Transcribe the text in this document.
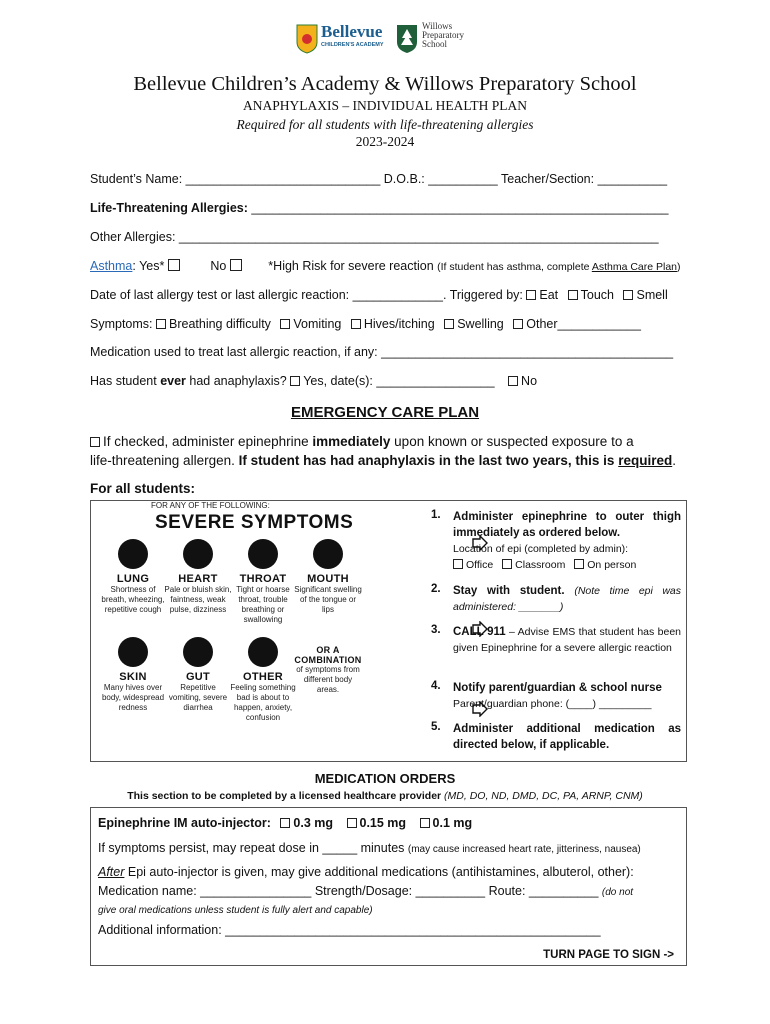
Bellevue
CHILDREN'S ACADEMY
Willows
Preparatory
School
Bellevue Children’s Academy & Willows Preparatory School
ANAPHYLAXIS – INDIVIDUAL HEALTH PLAN
Required for all students with life-threatening allergies
2023-2024
Student’s Name: ____________________________ D.O.B.: __________ Teacher/Section: __________
Life-Threatening Allergies: ____________________________________________________________
Other Allergies: _____________________________________________________________________
Asthma: Yes*	No	*High Risk for severe reaction (If student has asthma, complete Asthma Care Plan)
Date of last allergy test or last allergic reaction: _____________. Triggered by: Eat Touch Smell
Symptoms: Breathing difficulty Vomiting Hives/itching Swelling Other____________
Medication used to treat last allergic reaction, if any: __________________________________________
Has student ever had anaphylaxis? Yes, date(s): _________________ No
EMERGENCY CARE PLAN
If checked, administer epinephrine immediately upon known or suspected exposure to a
life-threatening allergen. If student has had anaphylaxis in the last two years, this is required.
For all students:
FOR ANY OF THE FOLLOWING:
SEVERE SYMPTOMS
LUNG
Shortness of breath, wheezing, repetitive cough
HEART
Pale or bluish skin, faintness, weak pulse, dizziness
THROAT
Tight or hoarse throat, trouble breathing or swallowing
MOUTH
Significant swelling of the tongue or lips
SKIN
Many hives over body, widespread redness
GUT
Repetitive vomiting, severe diarrhea
OTHER
Feeling something bad is about to happen, anxiety, confusion
OR A COMBINATION
of symptoms from different body areas.
1. Administer epinephrine to outer thigh immediately as ordered below.
Location of epi (completed by admin):
Office Classroom On person
2. Stay with student. (Note time epi was administered: _______)
3. CALL 911 – Advise EMS that student has been given Epinephrine for a severe allergic reaction
4. Notify parent/guardian & school nurse
Parent/guardian phone: (____) _________
5. Administer additional medication as directed below, if applicable.
MEDICATION ORDERS
This section to be completed by a licensed healthcare provider (MD, DO, ND, DMD, DC, PA, ARNP, CNM)
Epinephrine IM auto-injector: 0.3 mg 0.15 mg 0.1 mg
If symptoms persist, may repeat dose in _____ minutes (may cause increased heart rate, jitteriness, nausea)
After Epi auto-injector is given, may give additional medications (antihistamines, albuterol, other):
Medication name: ________________ Strength/Dosage: __________ Route: __________ (do not
give oral medications unless student is fully alert and capable)
Additional information: ______________________________________________________
TURN PAGE TO SIGN ->
